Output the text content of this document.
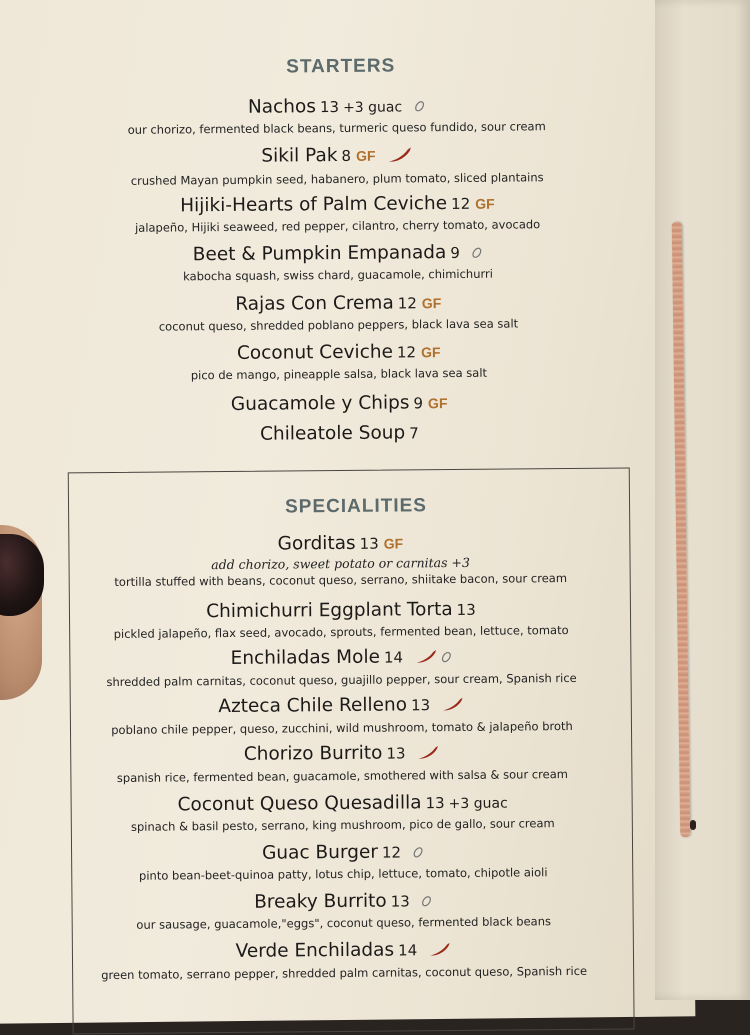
STARTERS
Nachos 13 +3 guac
our chorizo, fermented black beans, turmeric queso fundido, sour cream
Sikil Pak 8 GF
crushed Mayan pumpkin seed, habanero, plum tomato, sliced plantains
Hijiki-Hearts of Palm Ceviche 12 GF
jalapeño, Hijiki seaweed, red pepper, cilantro, cherry tomato, avocado
Beet & Pumpkin Empanada 9
kabocha squash, swiss chard, guacamole, chimichurri
Rajas Con Crema 12 GF
coconut queso, shredded poblano peppers, black lava sea salt
Coconut Ceviche 12 GF
pico de mango, pineapple salsa, black lava sea salt
Guacamole y Chips 9 GF
Chileatole Soup 7
SPECIALITIES
Gorditas 13 GF
add chorizo, sweet potato or carnitas +3
tortilla stuffed with beans, coconut queso, serrano, shiitake bacon, sour cream
Chimichurri Eggplant Torta 13
pickled jalapeño, flax seed, avocado, sprouts, fermented bean, lettuce, tomato
Enchiladas Mole 14
shredded palm carnitas, coconut queso, guajillo pepper, sour cream, Spanish rice
Azteca Chile Relleno 13
poblano chile pepper, queso, zucchini, wild mushroom, tomato & jalapeño broth
Chorizo Burrito 13
spanish rice, fermented bean, guacamole, smothered with salsa & sour cream
Coconut Queso Quesadilla 13 +3 guac
spinach & basil pesto, serrano, king mushroom, pico de gallo, sour cream
Guac Burger 12
pinto bean-beet-quinoa patty, lotus chip, lettuce, tomato, chipotle aioli
Breaky Burrito 13
our sausage, guacamole,"eggs", coconut queso, fermented black beans
Verde Enchiladas 14
green tomato, serrano pepper, shredded palm carnitas, coconut queso, Spanish rice
